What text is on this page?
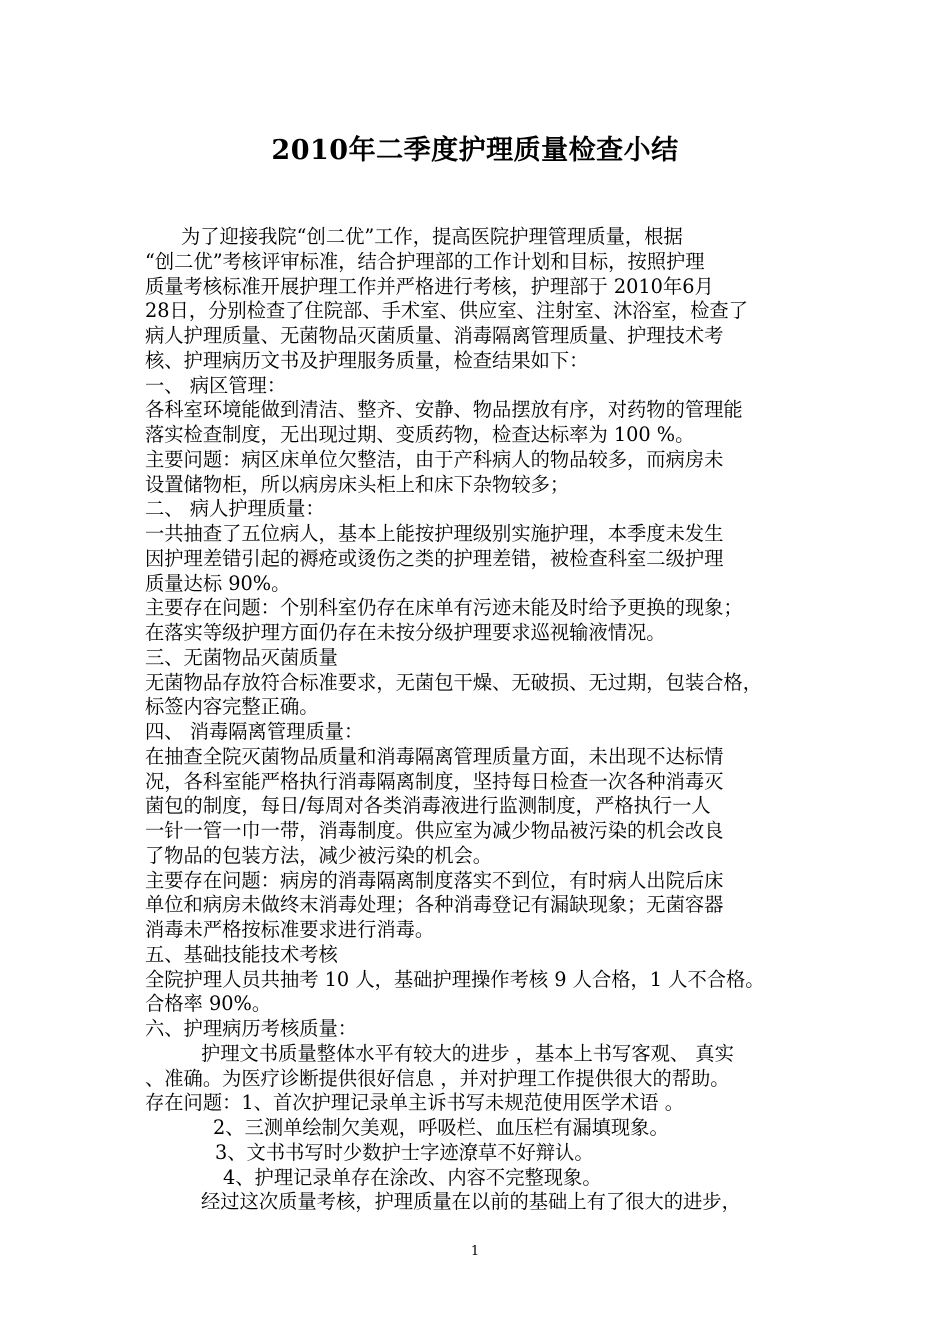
2010年二季度护理质量检查小结
为了迎接我院“创二优”工作，提高医院护理管理质量，根据
“创二优”考核评审标准，结合护理部的工作计划和目标，按照护理
质量考核标准开展护理工作并严格进行考核，护理部于 2010年6月
28日，分别检查了住院部、手术室、供应室、注射室、沐浴室，检查了
病人护理质量、无菌物品灭菌质量、消毒隔离管理质量、护理技术考
核、护理病历文书及护理服务质量，检查结果如下：
一、 病区管理：
各科室环境能做到清洁、整齐、安静、物品摆放有序，对药物的管理能
落实检查制度，无出现过期、变质药物，检查达标率为 100 %。
主要问题：病区床单位欠整洁，由于产科病人的物品较多，而病房未
设置储物柜，所以病房床头柜上和床下杂物较多；
二、 病人护理质量：
一共抽查了五位病人，基本上能按护理级别实施护理，本季度未发生
因护理差错引起的褥疮或烫伤之类的护理差错，被检查科室二级护理
质量达标 90%。
主要存在问题：个别科室仍存在床单有污迹未能及时给予更换的现象；
在落实等级护理方面仍存在未按分级护理要求巡视输液情况。
三、无菌物品灭菌质量
无菌物品存放符合标准要求，无菌包干燥、无破损、无过期，包装合格，
标签内容完整正确。
四、 消毒隔离管理质量：
在抽查全院灭菌物品质量和消毒隔离管理质量方面，未出现不达标情
况，各科室能严格执行消毒隔离制度，坚持每日检查一次各种消毒灭
菌包的制度，每日/每周对各类消毒液进行监测制度，严格执行一人
一针一管一巾一带，消毒制度。供应室为减少物品被污染的机会改良
了物品的包装方法，减少被污染的机会。
主要存在问题：病房的消毒隔离制度落实不到位，有时病人出院后床
单位和病房未做终末消毒处理；各种消毒登记有漏缺现象；无菌容器
消毒未严格按标准要求进行消毒。
五、基础技能技术考核
全院护理人员共抽考 10 人，基础护理操作考核 9 人合格，1 人不合格。
合格率 90%。
六、护理病历考核质量：
护理文书质量整体水平有较大的进步 ，基本上书写客观、 真实
、准确。为医疗诊断提供很好信息 ，并对护理工作提供很大的帮助。
存在问题：1、首次护理记录单主诉书写未规范使用医学术语 。
2、三测单绘制欠美观，呼吸栏、血压栏有漏填现象。
3、文书书写时少数护士字迹潦草不好辩认。
4、护理记录单存在涂改、内容不完整现象。
经过这次质量考核，护理质量在以前的基础上有了很大的进步，
1
